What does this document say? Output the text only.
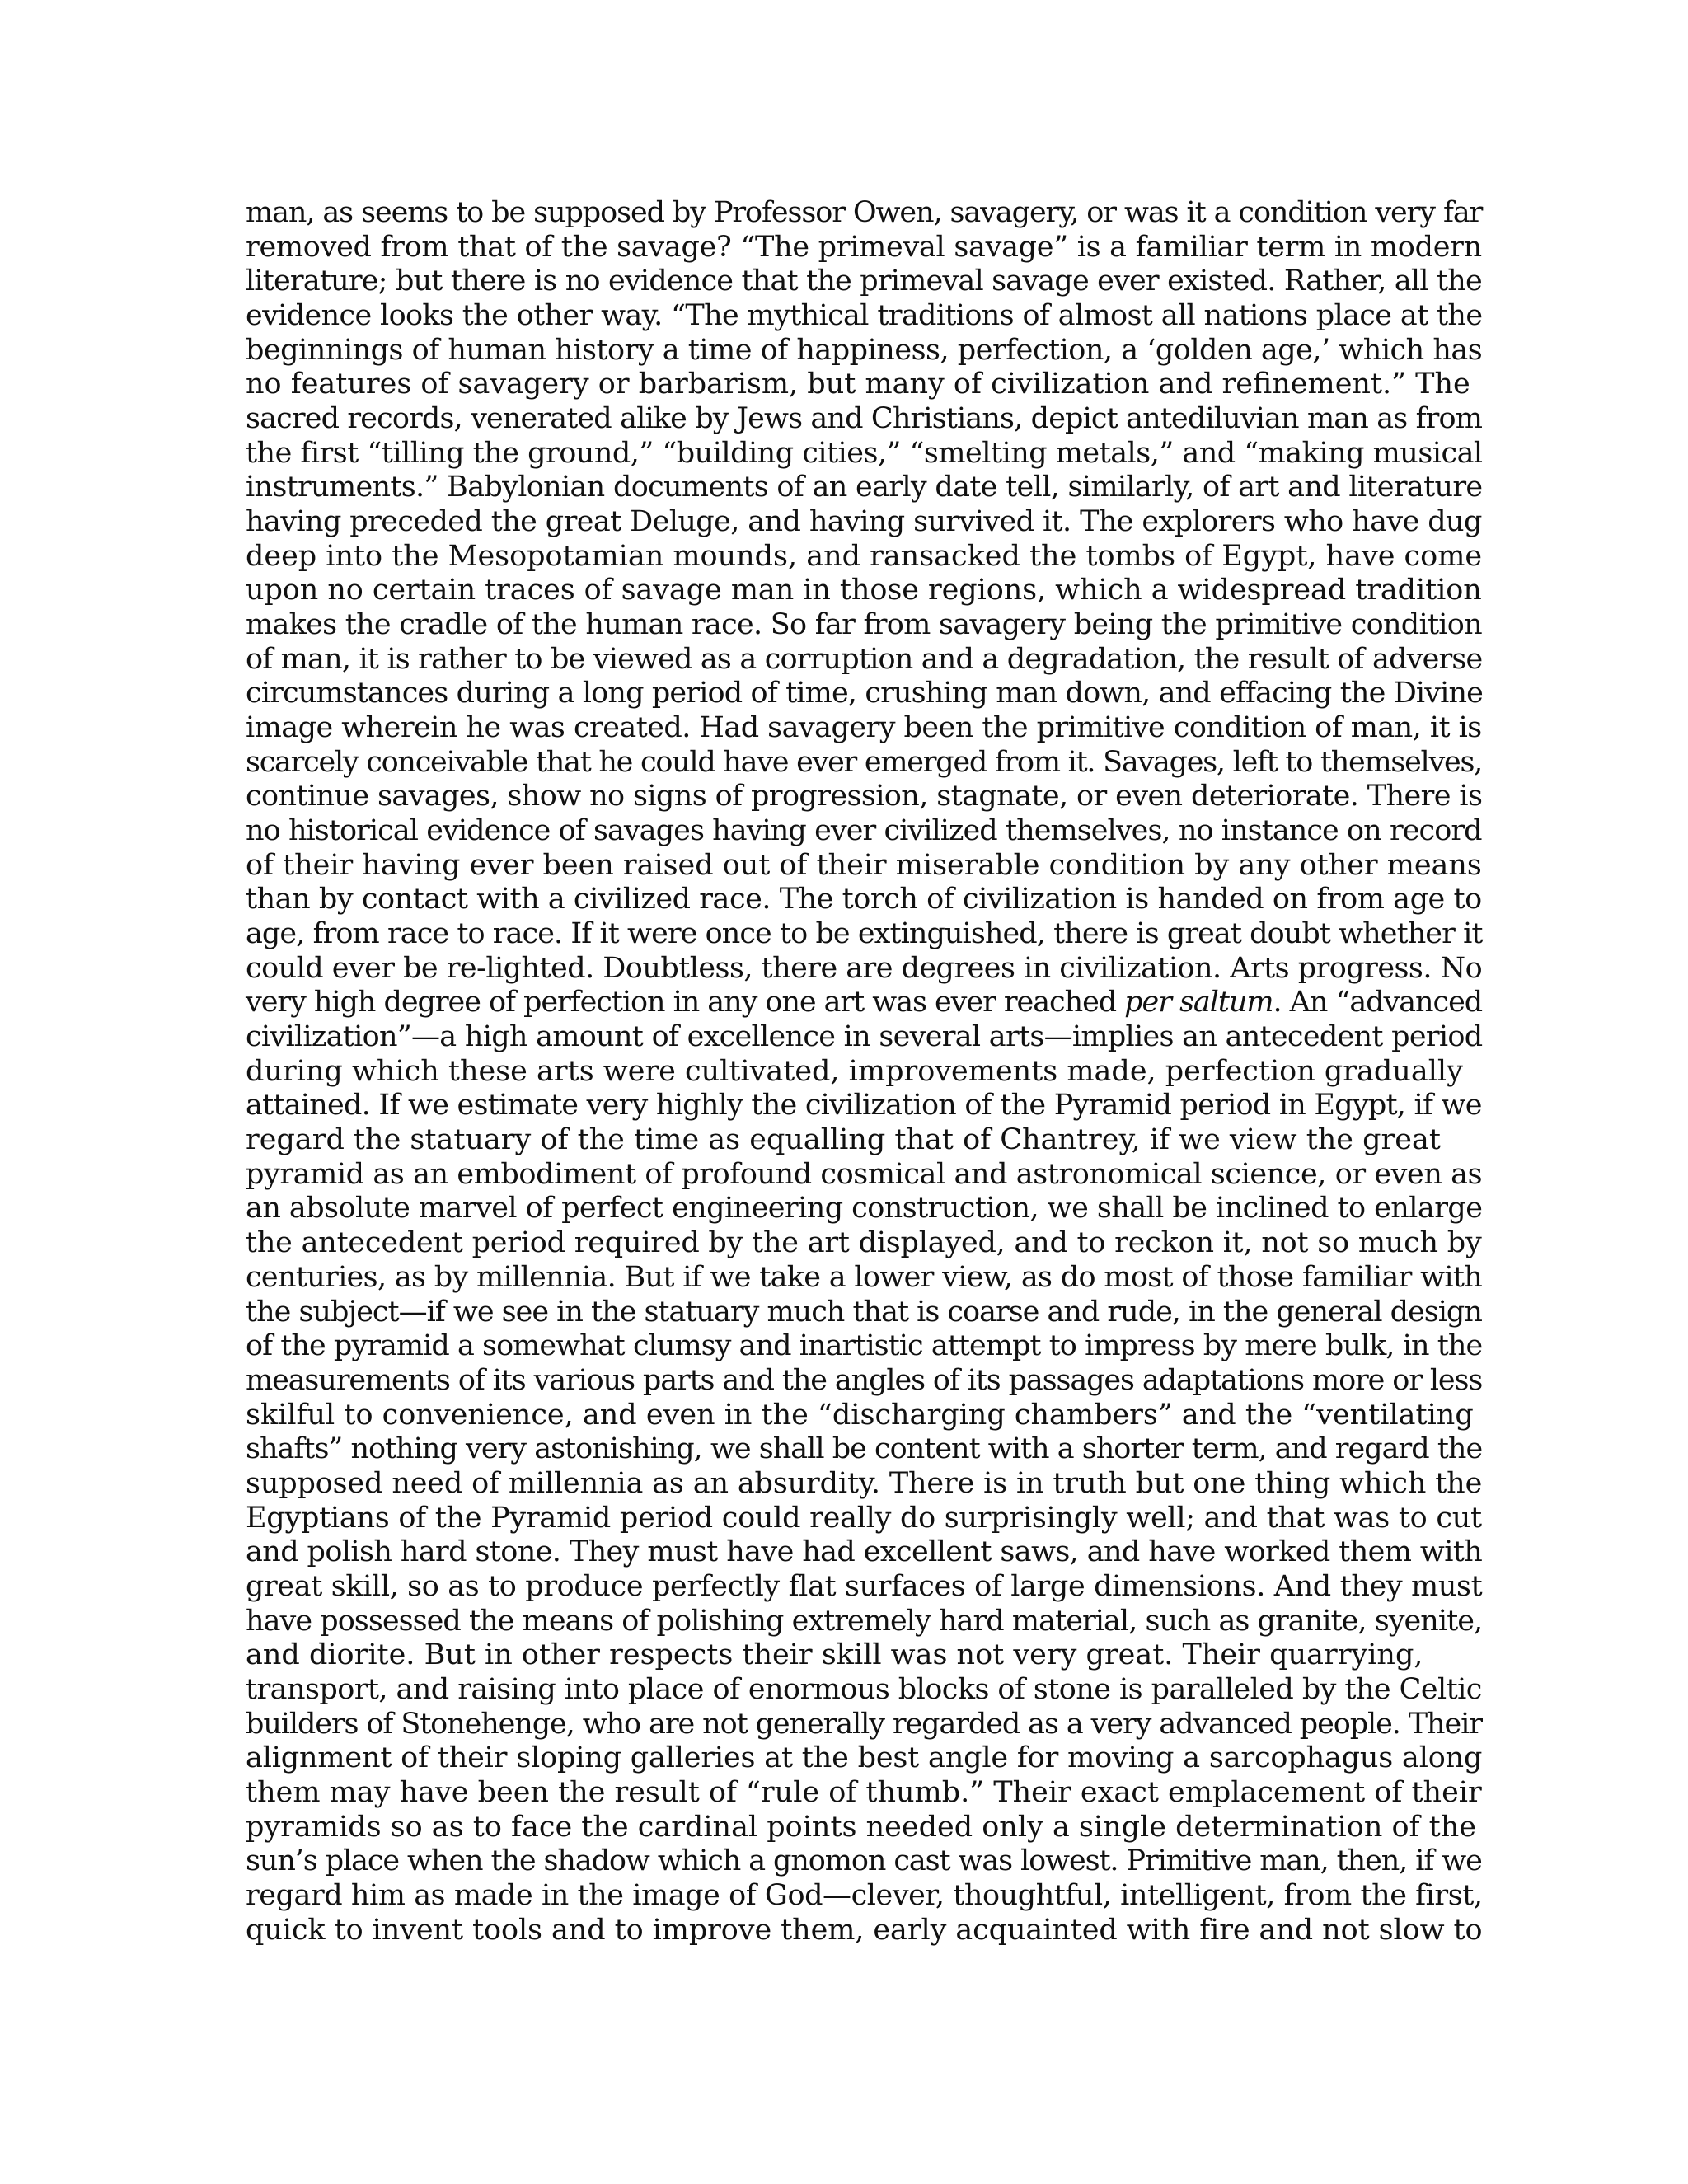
man, as seems to be supposed by Professor Owen, savagery, or was it a condition very far
removed from that of the savage? “The primeval savage” is a familiar term in modern
literature; but there is no evidence that the primeval savage ever existed. Rather, all the
evidence looks the other way. “The mythical traditions of almost all nations place at the
beginnings of human history a time of happiness, perfection, a ‘golden age,’ which has
no features of savagery or barbarism, but many of civilization and refinement.” The
sacred records, venerated alike by Jews and Christians, depict antediluvian man as from
the first “tilling the ground,” “building cities,” “smelting metals,” and “making musical
instruments.” Babylonian documents of an early date tell, similarly, of art and literature
having preceded the great Deluge, and having survived it. The explorers who have dug
deep into the Mesopotamian mounds, and ransacked the tombs of Egypt, have come
upon no certain traces of savage man in those regions, which a widespread tradition
makes the cradle of the human race. So far from savagery being the primitive condition
of man, it is rather to be viewed as a corruption and a degradation, the result of adverse
circumstances during a long period of time, crushing man down, and effacing the Divine
image wherein he was created. Had savagery been the primitive condition of man, it is
scarcely conceivable that he could have ever emerged from it. Savages, left to themselves,
continue savages, show no signs of progression, stagnate, or even deteriorate. There is
no historical evidence of savages having ever civilized themselves, no instance on record
of their having ever been raised out of their miserable condition by any other means
than by contact with a civilized race. The torch of civilization is handed on from age to
age, from race to race. If it were once to be extinguished, there is great doubt whether it
could ever be re-lighted. Doubtless, there are degrees in civilization. Arts progress. No
very high degree of perfection in any one art was ever reached per saltum. An “advanced
civilization”—a high amount of excellence in several arts—implies an antecedent period
during which these arts were cultivated, improvements made, perfection gradually
attained. If we estimate very highly the civilization of the Pyramid period in Egypt, if we
regard the statuary of the time as equalling that of Chantrey, if we view the great
pyramid as an embodiment of profound cosmical and astronomical science, or even as
an absolute marvel of perfect engineering construction, we shall be inclined to enlarge
the antecedent period required by the art displayed, and to reckon it, not so much by
centuries, as by millennia. But if we take a lower view, as do most of those familiar with
the subject—if we see in the statuary much that is coarse and rude, in the general design
of the pyramid a somewhat clumsy and inartistic attempt to impress by mere bulk, in the
measurements of its various parts and the angles of its passages adaptations more or less
skilful to convenience, and even in the “discharging chambers” and the “ventilating
shafts” nothing very astonishing, we shall be content with a shorter term, and regard the
supposed need of millennia as an absurdity. There is in truth but one thing which the
Egyptians of the Pyramid period could really do surprisingly well; and that was to cut
and polish hard stone. They must have had excellent saws, and have worked them with
great skill, so as to produce perfectly flat surfaces of large dimensions. And they must
have possessed the means of polishing extremely hard material, such as granite, syenite,
and diorite. But in other respects their skill was not very great. Their quarrying,
transport, and raising into place of enormous blocks of stone is paralleled by the Celtic
builders of Stonehenge, who are not generally regarded as a very advanced people. Their
alignment of their sloping galleries at the best angle for moving a sarcophagus along
them may have been the result of “rule of thumb.” Their exact emplacement of their
pyramids so as to face the cardinal points needed only a single determination of the
sun’s place when the shadow which a gnomon cast was lowest. Primitive man, then, if we
regard him as made in the image of God—clever, thoughtful, intelligent, from the first,
quick to invent tools and to improve them, early acquainted with fire and not slow to
